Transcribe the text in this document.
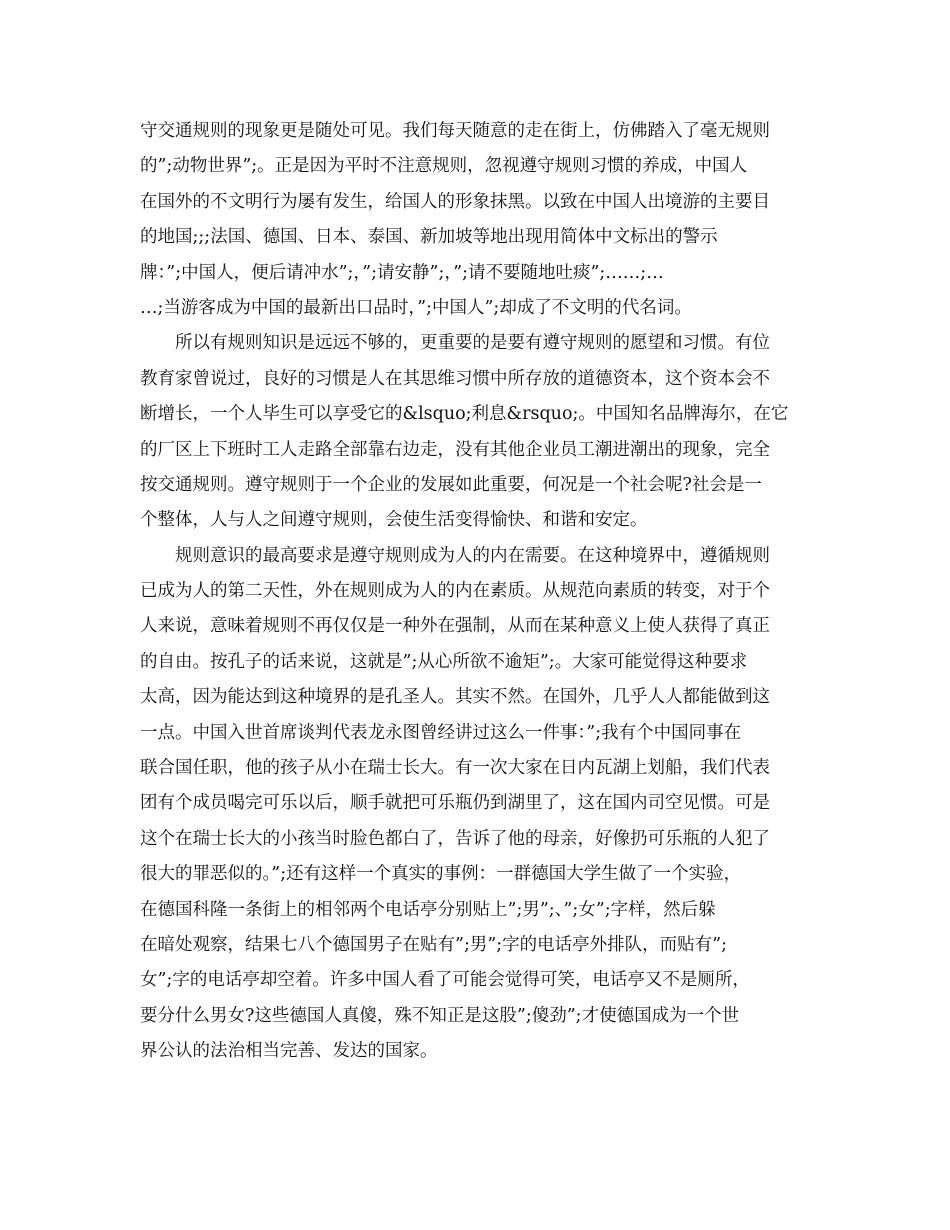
守交通规则的现象更是随处可见。我们每天随意的走在街上，仿佛踏入了毫无规则
的”;动物世界”;。正是因为平时不注意规则，忽视遵守规则习惯的养成，中国人
在国外的不文明行为屡有发生，给国人的形象抹黑。以致在中国人出境游的主要目
的地国;;;法国、德国、日本、泰国、新加坡等地出现用简体中文标出的警示
牌：”;中国人，便后请冲水”;，”;请安静”;，”;请不要随地吐痰”;……;…
…;当游客成为中国的最新出口品时，”;中国人”;却成了不文明的代名词。
所以有规则知识是远远不够的，更重要的是要有遵守规则的愿望和习惯。有位
教育家曾说过，良好的习惯是人在其思维习惯中所存放的道德资本，这个资本会不
断增长，一个人毕生可以享受它的&lsquo;利息&rsquo;。中国知名品牌海尔，在它
的厂区上下班时工人走路全部靠右边走，没有其他企业员工潮进潮出的现象，完全
按交通规则。遵守规则于一个企业的发展如此重要，何况是一个社会呢?社会是一
个整体，人与人之间遵守规则，会使生活变得愉快、和谐和安定。
规则意识的最高要求是遵守规则成为人的内在需要。在这种境界中，遵循规则
已成为人的第二天性，外在规则成为人的内在素质。从规范向素质的转变，对于个
人来说，意味着规则不再仅仅是一种外在强制，从而在某种意义上使人获得了真正
的自由。按孔子的话来说，这就是”;从心所欲不逾矩”;。大家可能觉得这种要求
太高，因为能达到这种境界的是孔圣人。其实不然。在国外，几乎人人都能做到这
一点。中国入世首席谈判代表龙永图曾经讲过这么一件事：”;我有个中国同事在
联合国任职，他的孩子从小在瑞士长大。有一次大家在日内瓦湖上划船，我们代表
团有个成员喝完可乐以后，顺手就把可乐瓶仍到湖里了，这在国内司空见惯。可是
这个在瑞士长大的小孩当时脸色都白了，告诉了他的母亲，好像扔可乐瓶的人犯了
很大的罪恶似的。”;还有这样一个真实的事例：一群德国大学生做了一个实验，
在德国科隆一条街上的相邻两个电话亭分别贴上”;男”;、”;女”;字样，然后躲
在暗处观察，结果七八个德国男子在贴有”;男”;字的电话亭外排队，而贴有”;
女”;字的电话亭却空着。许多中国人看了可能会觉得可笑，电话亭又不是厕所，
要分什么男女?这些德国人真傻，殊不知正是这股”;傻劲”;才使德国成为一个世
界公认的法治相当完善、发达的国家。
